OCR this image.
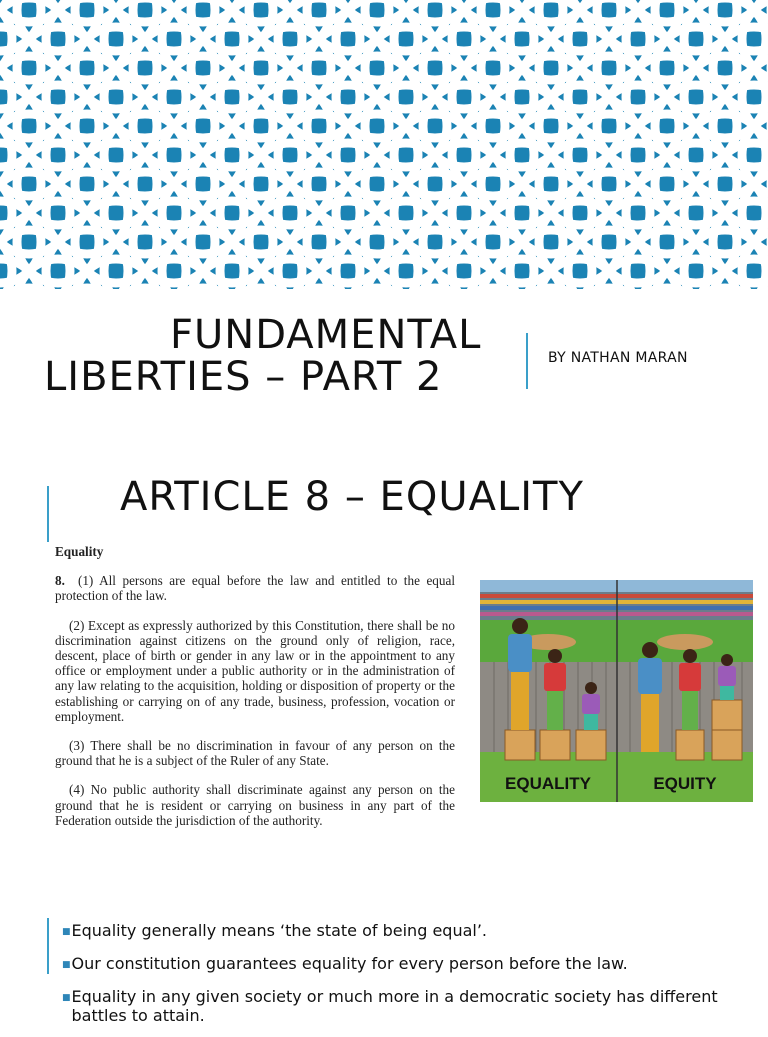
FUNDAMENTAL
LIBERTIES – PART 2	BY NATHAN MARAN
ARTICLE 8 – EQUALITY
Equality

8. (1) All persons are equal before the law and entitled to the equal protection of the law.

(2) Except as expressly authorized by this Constitution, there shall be no discrimination against citizens on the ground only of religion, race, descent, place of birth or gender in any law or in the appointment to any office or employment under a public authority or in the administration of any law relating to the acquisition, holding or disposition of property or the establishing or carrying on of any trade, business, profession, vocation or employment.

(3) There shall be no discrimination in favour of any person on the ground that he is a subject of the Ruler of any State.

(4) No public authority shall discriminate against any person on the ground that he is resident or carrying on business in any part of the Federation outside the jurisdiction of the authority.

EQUALITY	EQUITY
■ Equality generally means ‘the state of being equal’.
■ Our constitution guarantees equality for every person before the law.
■ Equality in any given society or much more in a democratic society has different battles to attain.
